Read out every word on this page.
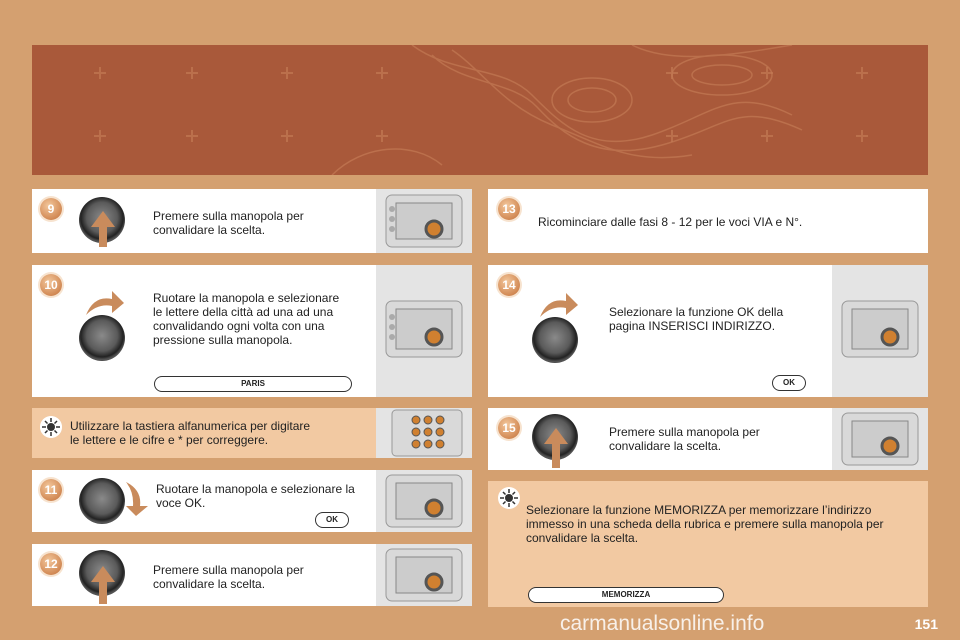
9	Premere sulla manopola per
convalidare la scelta.
10
Ruotare la manopola e selezionare
le lettere della città ad una ad una
convalidando ogni volta con una
pressione sulla manopola.
PARIS
Utilizzare la tastiera alfanumerica per digitare
le lettere e le cifre e * per correggere.
11	Ruotare la manopola e selezionare la
voce OK.
OK
12	Premere sulla manopola per
convalidare la scelta.
13
Ricominciare dalle fasi 8 - 12 per le voci VIA e N°.
14
Selezionare la funzione OK della
pagina INSERISCI INDIRIZZO.
OK
15	Premere sulla manopola per
convalidare la scelta.
Selezionare la funzione MEMORIZZA per memorizzare l’indirizzo
immesso in una scheda della rubrica e premere sulla manopola per
convalidare la scelta.
MEMORIZZA
151
carmanualsonline.info
